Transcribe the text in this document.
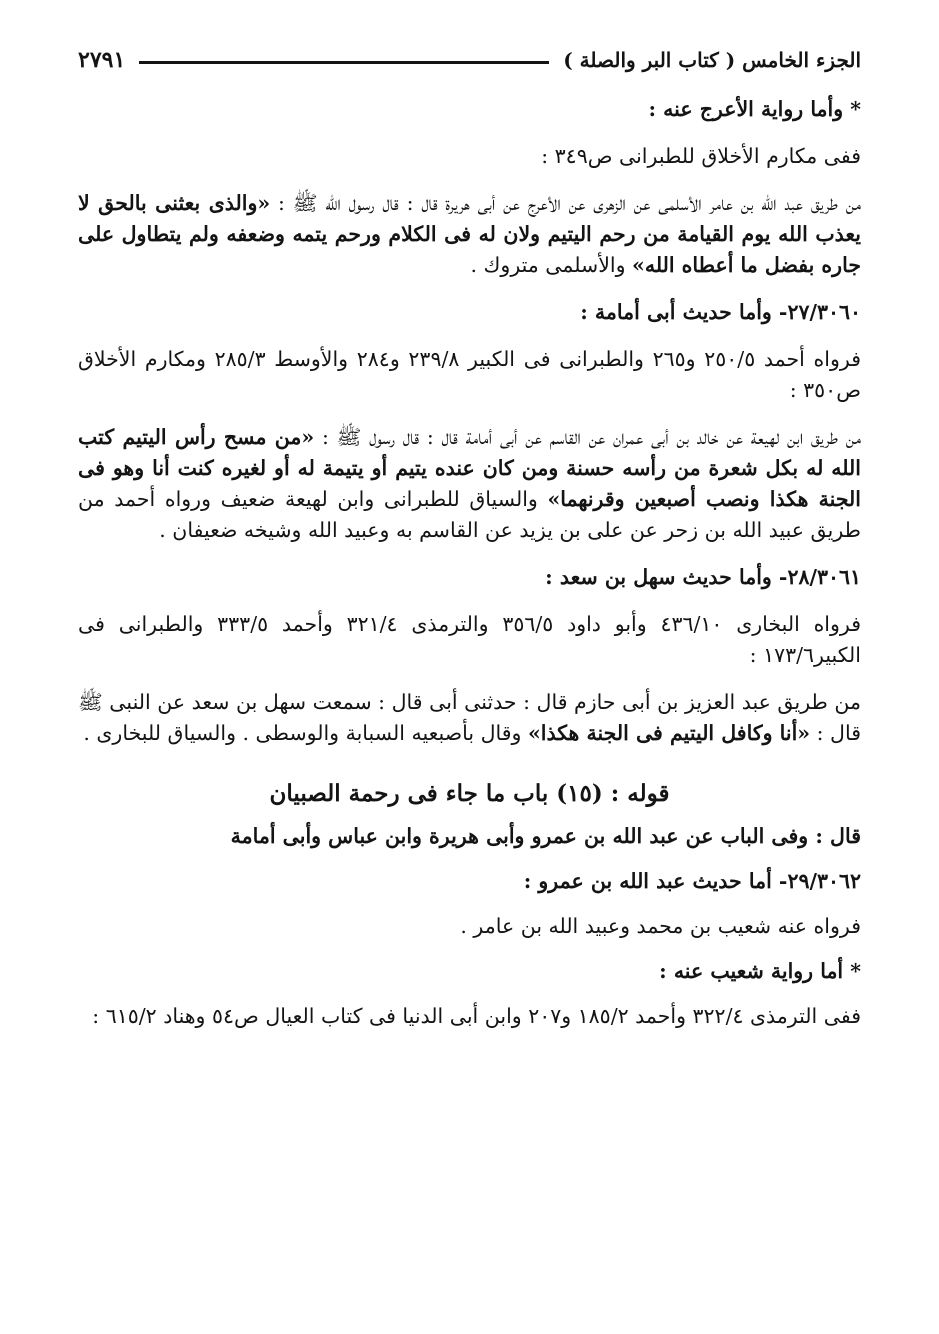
الجزء الخامس ( كتاب البر والصلة )
٢٧٩١

* وأما رواية الأعرج عنه :

ففى مكارم الأخلاق للطبرانى ص٣٤٩ :

من طريق عبد الله بن عامر الأسلمى عن الزهرى عن الأعرج عن أبى هريرة قال : قال رسول الله ﷺ : «والذى بعثنى بالحق لا يعذب الله يوم القيامة من رحم اليتيم ولان له فى الكلام ورحم يتمه وضعفه ولم يتطاول على جاره بفضل ما أعطاه الله» والأسلمى متروك .

٢٧/٣٠٦٠- وأما حديث أبى أمامة :

فرواه أحمد ٢٥٠/٥ و٢٦٥ والطبرانى فى الكبير ٢٣٩/٨ و٢٨٤ والأوسط ٢٨٥/٣ ومكارم الأخلاق ص٣٥٠ :

من طريق ابن لهيعة عن خالد بن أبى عمران عن القاسم عن أبى أمامة قال : قال رسول ﷺ : «من مسح رأس اليتيم كتب الله له بكل شعرة من رأسه حسنة ومن كان عنده يتيم أو يتيمة له أو لغيره كنت أنا وهو فى الجنة هكذا ونصب أصبعين وقرنهما» والسياق للطبرانى وابن لهيعة ضعيف ورواه أحمد من طريق عبيد الله بن زحر عن على بن يزيد عن القاسم به وعبيد الله وشيخه ضعيفان .

٢٨/٣٠٦١- وأما حديث سهل بن سعد :

فرواه البخارى ٤٣٦/١٠ وأبو داود ٣٥٦/٥ والترمذى ٣٢١/٤ وأحمد ٣٣٣/٥ والطبرانى فى الكبير١٧٣/٦ :

من طريق عبد العزيز بن أبى حازم قال : حدثنى أبى قال : سمعت سهل بن سعد عن النبى ﷺ قال : «أنا وكافل اليتيم فى الجنة هكذا» وقال بأصبعيه السبابة والوسطى . والسياق للبخارى .

قوله : (١٥) باب ما جاء فى رحمة الصبيان

قال : وفى الباب عن عبد الله بن عمرو وأبى هريرة وابن عباس وأبى أمامة

٢٩/٣٠٦٢- أما حديث عبد الله بن عمرو :

فرواه عنه شعيب بن محمد وعبيد الله بن عامر .

* أما رواية شعيب عنه :

ففى الترمذى ٣٢٢/٤ وأحمد ١٨٥/٢ و٢٠٧ وابن أبى الدنيا فى كتاب العيال ص٥٤ وهناد ٦١٥/٢ :
